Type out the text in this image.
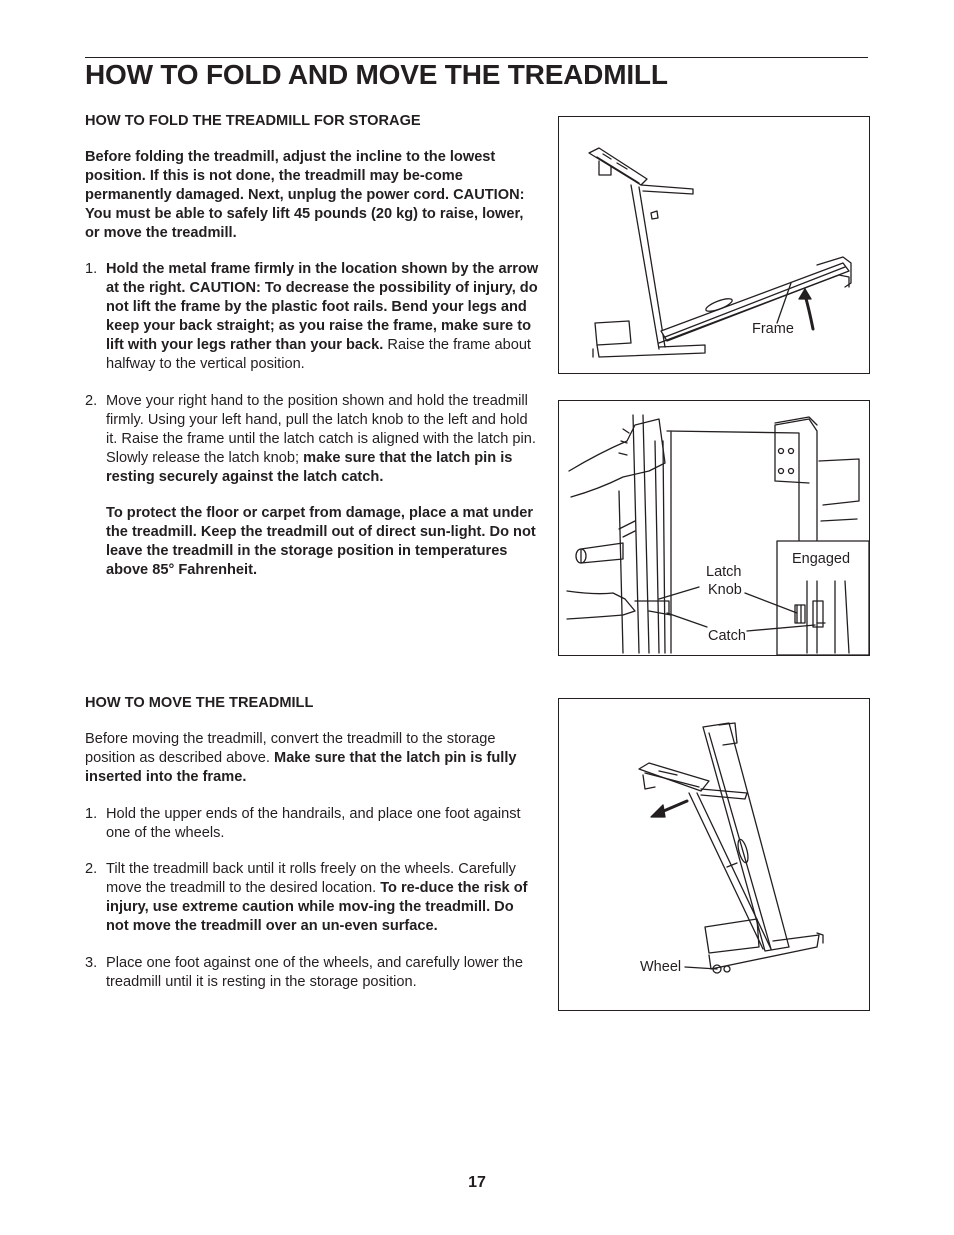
HOW TO FOLD AND MOVE THE TREADMILL

HOW TO FOLD THE TREADMILL FOR STORAGE

Before folding the treadmill, adjust the incline to the lowest position. If this is not done, the treadmill may be-come permanently damaged. Next, unplug the power cord. CAUTION: You must be able to safely lift 45 pounds (20 kg) to raise, lower, or move the treadmill.

1. Hold the metal frame firmly in the location shown by the arrow at the right. CAUTION: To decrease the possibility of injury, do not lift the frame by the plastic foot rails. Bend your legs and keep your back straight; as you raise the frame, make sure to lift with your legs rather than your back. Raise the frame about halfway to the vertical position.

2. Move your right hand to the position shown and hold the treadmill firmly. Using your left hand, pull the latch knob to the left and hold it. Raise the frame until the latch catch is aligned with the latch pin. Slowly release the latch knob; make sure that the latch pin is resting securely against the latch catch.

To protect the floor or carpet from damage, place a mat under the treadmill. Keep the treadmill out of direct sun-light. Do not leave the treadmill in the storage position in temperatures above 85° Fahrenheit.

HOW TO MOVE THE TREADMILL

Before moving the treadmill, convert the treadmill to the storage position as described above. Make sure that the latch pin is fully inserted into the frame.

1. Hold the upper ends of the handrails, and place one foot against one of the wheels.

2. Tilt the treadmill back until it rolls freely on the wheels. Carefully move the treadmill to the desired location. To re-duce the risk of injury, use extreme caution while mov-ing the treadmill. Do not move the treadmill over an un-even surface.

3. Place one foot against one of the wheels, and carefully lower the treadmill until it is resting in the storage position.

Frame
Engaged
Latch
Knob
Catch
Wheel
17
